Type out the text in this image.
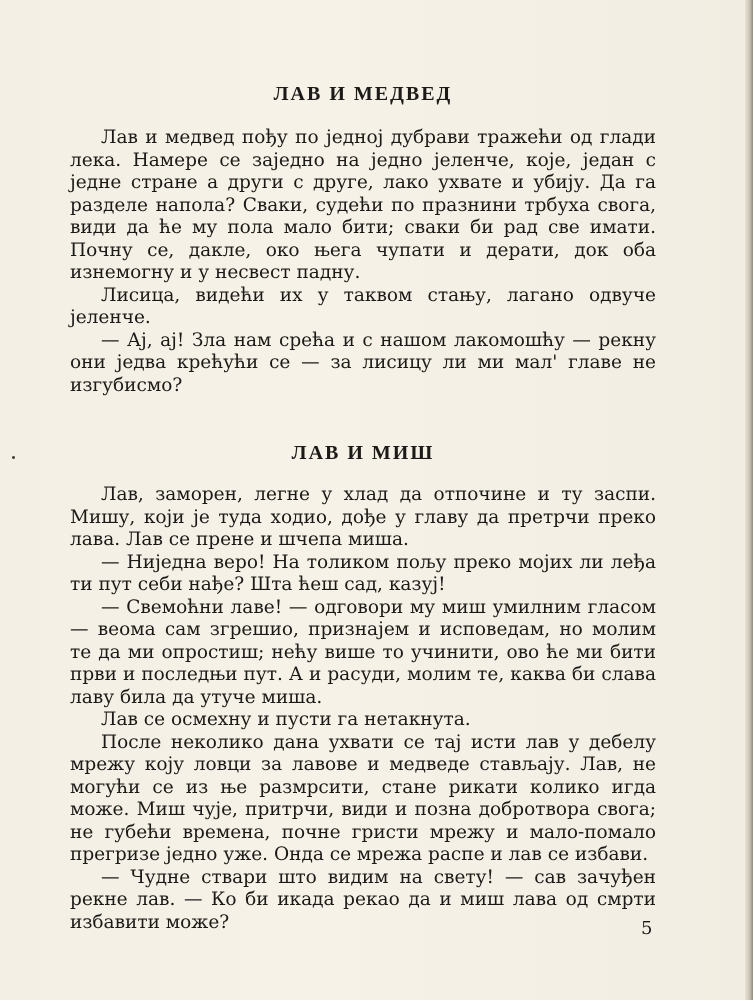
ЛАВ И МЕДВЕД

Лав и медвед пођу по једној дубрави тражећи од глади лека. Намере се заједно на једно јеленче, које, један с једне стране а други с друге, лако ухвате и убију. Да га разделе напола? Сваки, судећи по празнини трбуха свога, види да ће му пола мало бити; сваки би рад све имати. Почну се, дакле, око њега чупати и дерати, док оба изнемогну и у несвест падну.

Лисица, видећи их у таквом стању, лагано одвуче јеленче.

— Ај, ај! Зла нам срећа и с нашом лакомошћу — рекну они једва крећући се — за лисицу ли ми мал' главе не изгубисмо?

ЛАВ И МИШ

Лав, заморен, легне у хлад да отпочине и ту заспи. Мишу, који је туда ходио, дође у главу да претрчи преко лава. Лав се прене и шчепа миша.

— Ниједна веро! На толиком пољу преко мојих ли леђа ти пут себи нађе? Шта ћеш сад, казуј!

— Свемоћни лаве! — одговори му миш умилним гласом — веома сам згрешио, признајем и исповедам, но молим те да ми опростиш; нећу више то учинити, ово ће ми бити први и последњи пут. А и расуди, молим те, каква би слава лаву била да утуче миша.

Лав се осмехну и пусти га нетакнута.

После неколико дана ухвати се тај исти лав у дебелу мрежу коју ловци за лавове и медведе стављају. Лав, не могући се из ње размрсити, стане рикати колико игда може. Миш чује, притрчи, види и позна добротвора свога; не губећи времена, почне гристи мрежу и мало-помало прегризе једно уже. Онда се мрежа распе и лав се избави.

— Чудне ствари што видим на свету! — сав зачуђен рекне лав. — Ко би икада рекао да и миш лава од смрти избавити може?	5
